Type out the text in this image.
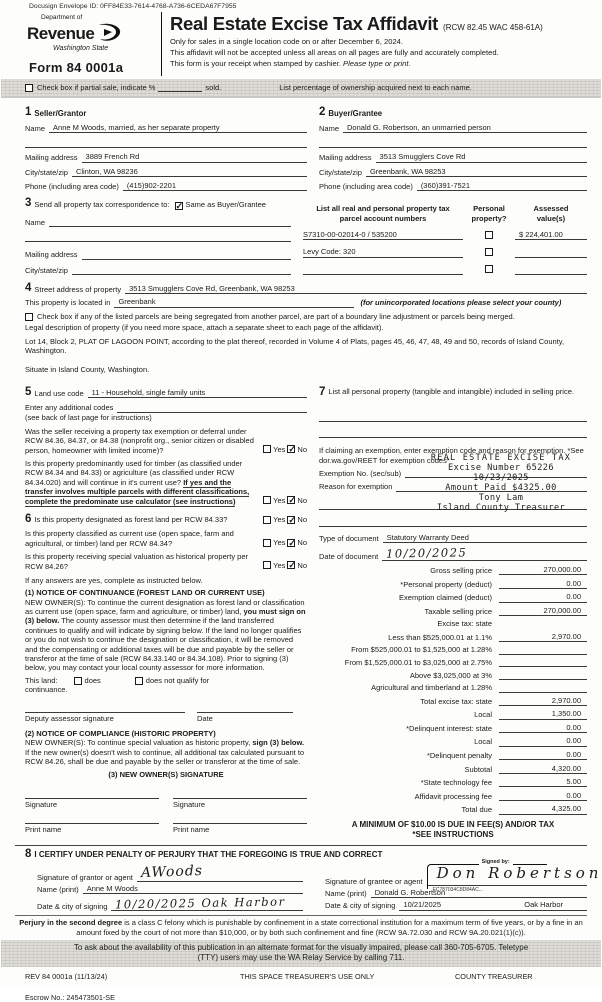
Docusign Envelope ID: 0FF84E33-7614-4768-A736-6CEDA67F7955
Department of
Revenue
Washington State
Form 84 0001a
Real Estate Excise Tax Affidavit (RCW 82.45 WAC 458-61A)
Only for sales in a single location code on or after December 6, 2024.
This affidavit will not be accepted unless all areas on all pages are fully and accurately completed.
This form is your receipt when stamped by cashier. Please type or print.
Check box if partial sale, indicate %	sold.	List percentage of ownership acquired next to each name.
1 Seller/Grantor
Name	Anne M Woods, married, as her separate property
Mailing address	3889 French Rd
City/state/zip	Clinton, WA 98236
Phone (including area code)	(415)902-2201
2 Buyer/Grantee
Name	Donald G. Robertson, an unmarried person
Mailing address	3513 Smugglers Cove Rd
City/state/zip	Greenbank, WA 98253
Phone (including area code)	(360)391-7521
3 Send all property tax correspondence to: ✓ Same as Buyer/Grantee
Name
Mailing address
City/state/zip
List all real and personal property tax
parcel account numbers
Personal
property?
Assessed
value(s)
S7310-00-02014-0 / 535200	$ 224,401.00
Levy Code: 320
4 Street address of property	3513 Smugglers Cove Rd, Greenbank, WA 98253
This property is located in	Greenbank	(for unincorporated locations please select your county)
Check box if any of the listed parcels are being segregated from another parcel, are part of a boundary line adjustment or parcels being merged.
Legal description of property (if you need more space, attach a separate sheet to each page of the affidavit).
Lot 14, Block 2, PLAT OF LAGOON POINT, according to the plat thereof, recorded in Volume 4 of Plats, pages 45, 46, 47, 48, 49 and 50, records of Island County, Washington.
Situate in Island County, Washington.
5 Land use code	11 - Household, single family units
Enter any additional codes
(see back of last page for instructions)
Was the seller receiving a property tax exemption or deferral under RCW 84.36, 84.37, or 84.38 (nonprofit org., senior citizen or disabled person, homeowner with limited income)?	Yes ✓ No
Is this property predominantly used for timber (as classified under RCW 84.34 and 84.33) or agriculture (as classified under RCW 84.34.020) and will continue in it's current use? If yes and the transfer involves multiple parcels with different classifications, complete the predominate use calculator (see instructions)	Yes ✓ No
6 Is this property designated as forest land per RCW 84.33?	Yes ✓ No
Is this property classified as current use (open space, farm and agricultural, or timber) land per RCW 84.34?	Yes ✓ No
Is this property receiving special valuation as historical property per RCW 84.26?	Yes ✓ No
If any answers are yes, complete as instructed below.
(1) NOTICE OF CONTINUANCE (FOREST LAND OR CURRENT USE)
NEW OWNER(S): To continue the current designation as forest land or classification as current use (open space, farm and agriculture, or timber) land, you must sign on (3) below. The county assessor must then determine if the land transferred continues to qualify and will indicate by signing below. If the land no longer qualifies or you do not wish to continue the designation or classification, it will be removed and the compensating or additional taxes will be due and payable by the seller or transferor at the time of sale (RCW 84.33.140 or 84.34.108). Prior to signing (3) below, you may contact your local county assessor for more information.
This land:	does	does not qualify for
continuance.
Deputy assessor signature	Date
(2) NOTICE OF COMPLIANCE (HISTORIC PROPERTY)
NEW OWNER(S): To continue special valuation as historic property, sign (3) below. If the new owner(s) doesn't wish to continue, all additional tax calculated pursuant to RCW 84.26, shall be due and payable by the seller or transferor at the time of sale.
(3) NEW OWNER(S) SIGNATURE
Signature	Signature
Print name	Print name
7 List all personal property (tangible and intangible) included in selling price.
If claiming an exemption, enter exemption code and reason for exemption. *See dor.wa.gov/REET for exemption codes*
Exemption No. (sec/sub)
Reason for exemption
REAL ESTATE EXCISE TAX
Excise Number 65226
10/23/2025
Amount Paid $4325.00
Tony Lam
Island County Treasurer
Type of document	Statutory Warranty Deed
Date of document 10/20/2025
Gross selling price	270,000.00
*Personal property (deduct)	0.00
Exemption claimed (deduct)	0.00
Taxable selling price	270,000.00
Excise tax: state
Less than $525,000.01 at 1.1%	2,970.00
From $525,000.01 to $1,525,000 at 1.28%
From $1,525,000.01 to $3,025,000 at 2.75%
Above $3,025,000 at 3%
Agricultural and timberland at 1.28%
Total excise tax: state	2,970.00
Local	1,350.00
*Delinquent interest: state	0.00
Local	0.00
*Delinquent penalty	0.00
Subtotal	4,320.00
*State technology fee	5.00
Affidavit processing fee	0.00
Total due	4,325.00
A MINIMUM OF $10.00 IS DUE IN FEE(S) AND/OR TAX
*SEE INSTRUCTIONS
8 I CERTIFY UNDER PENALTY OF PERJURY THAT THE FOREGOING IS TRUE AND CORRECT
Signature of grantor or agent AWoods
Name (print)	Anne M Woods
Date & city of signing 10/20/2025 Oak Harbor
Signature of grantee or agent
Signed by:
Don Robertson
EC787034C8D84AC...
Name (print)	Donald G. Robertson
Date & city of signing	10/21/2025	Oak Harbor
Perjury in the second degree is a class C felony which is punishable by confinement in a state correctional institution for a maximum term of five years, or by a fine in an amount fixed by the court of not more than $10,000, or by both such confinement and fine (RCW 9A.72.030 and RCW 9A.20.021(1)(c)).
To ask about the availability of this publication in an alternate format for the visually impaired, please call 360-705-6705. Teletype
(TTY) users may use the WA Relay Service by calling 711.
REV 84 0001a (11/13/24)	THIS SPACE TREASURER'S USE ONLY	COUNTY TREASURER
Escrow No.: 245473501-SE
